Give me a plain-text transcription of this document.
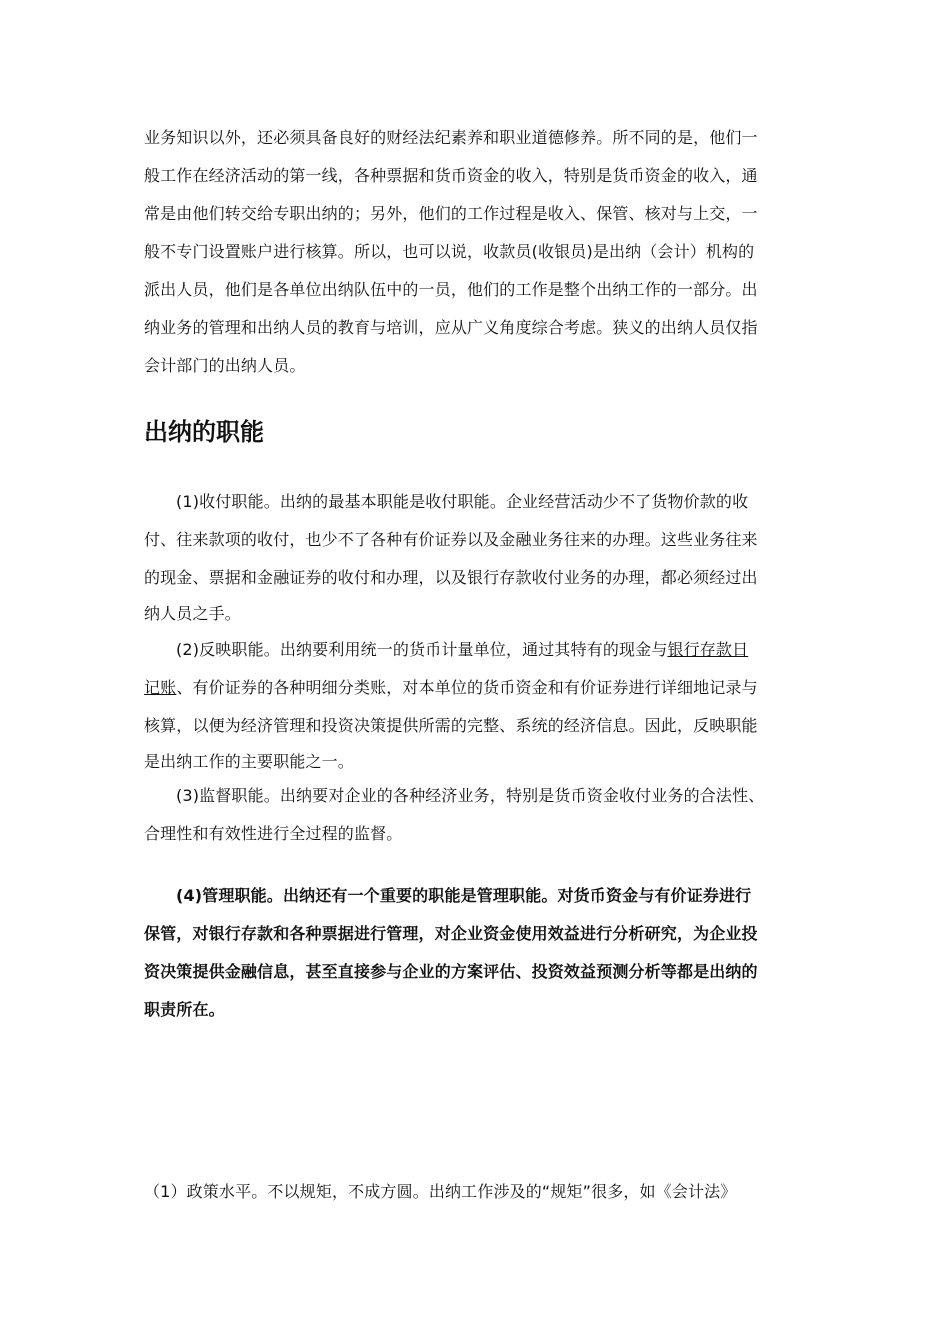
业务知识以外，还必须具备良好的财经法纪素养和职业道德修养。所不同的是，他们一
般工作在经济活动的第一线，各种票据和货币资金的收入，特别是货币资金的收入，通
常是由他们转交给专职出纳的；另外，他们的工作过程是收入、保管、核对与上交，一
般不专门设置账户进行核算。所以，也可以说，收款员(收银员)是出纳（会计）机构的
派出人员，他们是各单位出纳队伍中的一员，他们的工作是整个出纳工作的一部分。出
纳业务的管理和出纳人员的教育与培训，应从广义角度综合考虑。狭义的出纳人员仅指
会计部门的出纳人员。
出纳的职能
(1)收付职能。出纳的最基本职能是收付职能。企业经营活动少不了货物价款的收
付、往来款项的收付，也少不了各种有价证券以及金融业务往来的办理。这些业务往来
的现金、票据和金融证券的收付和办理，以及银行存款收付业务的办理，都必须经过出
纳人员之手。
(2)反映职能。出纳要利用统一的货币计量单位，通过其特有的现金与银行存款日
记账、有价证券的各种明细分类账，对本单位的货币资金和有价证券进行详细地记录与
核算，以便为经济管理和投资决策提供所需的完整、系统的经济信息。因此，反映职能
是出纳工作的主要职能之一。
(3)监督职能。出纳要对企业的各种经济业务，特别是货币资金收付业务的合法性、
合理性和有效性进行全过程的监督。
(4)管理职能。出纳还有一个重要的职能是管理职能。对货币资金与有价证券进行
保管，对银行存款和各种票据进行管理，对企业资金使用效益进行分析研究，为企业投
资决策提供金融信息，甚至直接参与企业的方案评估、投资效益预测分析等都是出纳的
职责所在。
（1）政策水平。不以规矩，不成方圆。出纳工作涉及的“规矩”很多，如《会计法》
